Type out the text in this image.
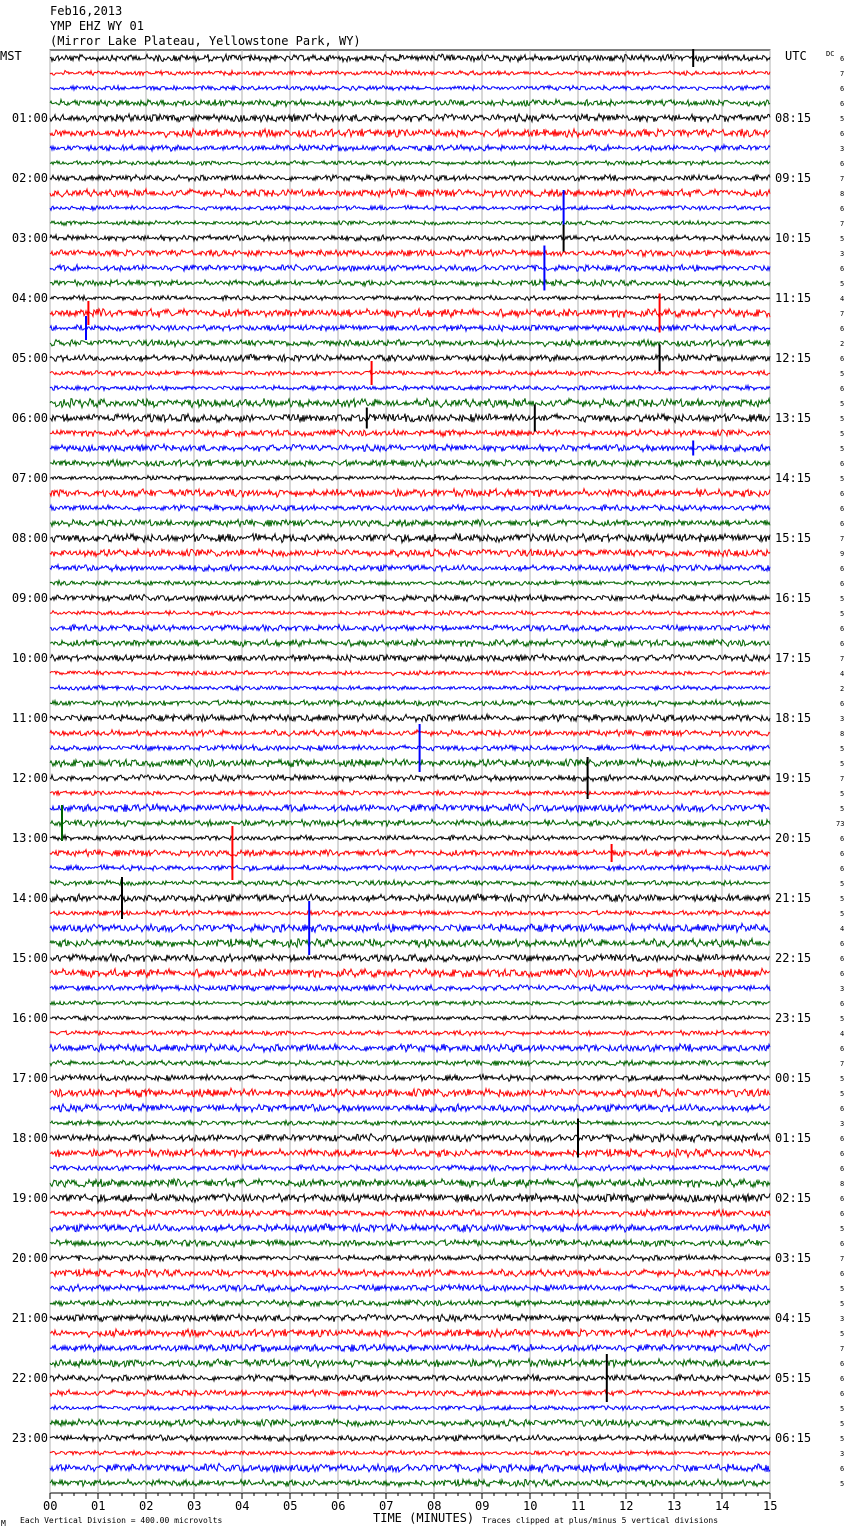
Feb16,2013
YMP EHZ WY 01
(Mirror Lake Plateau, Yellowstone Park, WY)
MST	UTC	DC
01:00
02:00
03:00
04:00
05:00
06:00
07:00
08:00
09:00
10:00
11:00
12:00
13:00
14:00
15:00
16:00
17:00
18:00
19:00
20:00
21:00
22:00
23:00
08:15
09:15
10:15
11:15
12:15
13:15
14:15
15:15
16:15
17:15
18:15
19:15
20:15
21:15
22:15
23:15
00:15
01:15
02:15
03:15
04:15
05:15
06:15
6
7
6
6
5
6
3
6
7
8
6
7
5
3
6
5
4
7
6
2
6
5
6
5
5
5
5
6
5
6
6
6
7
9
6
6
5
5
6
6
7
4
2
6
3
8
5
5
7
5
5
73
6
6
6
5
5
5
4
6
6
6
3
6
5
4
6
7
5
5
6
3
6
6
6
8
6
6
5
6
7
6
5
5
3
5
7
6
6
6
5
5
5
3
6
5
00	01	02	03	04	05	06	07	08	09	10	11	12	13	14	15
TIME (MINUTES)
M Each Vertical Division = 400.00 microvolts	Traces clipped at plus/minus 5 vertical divisions
